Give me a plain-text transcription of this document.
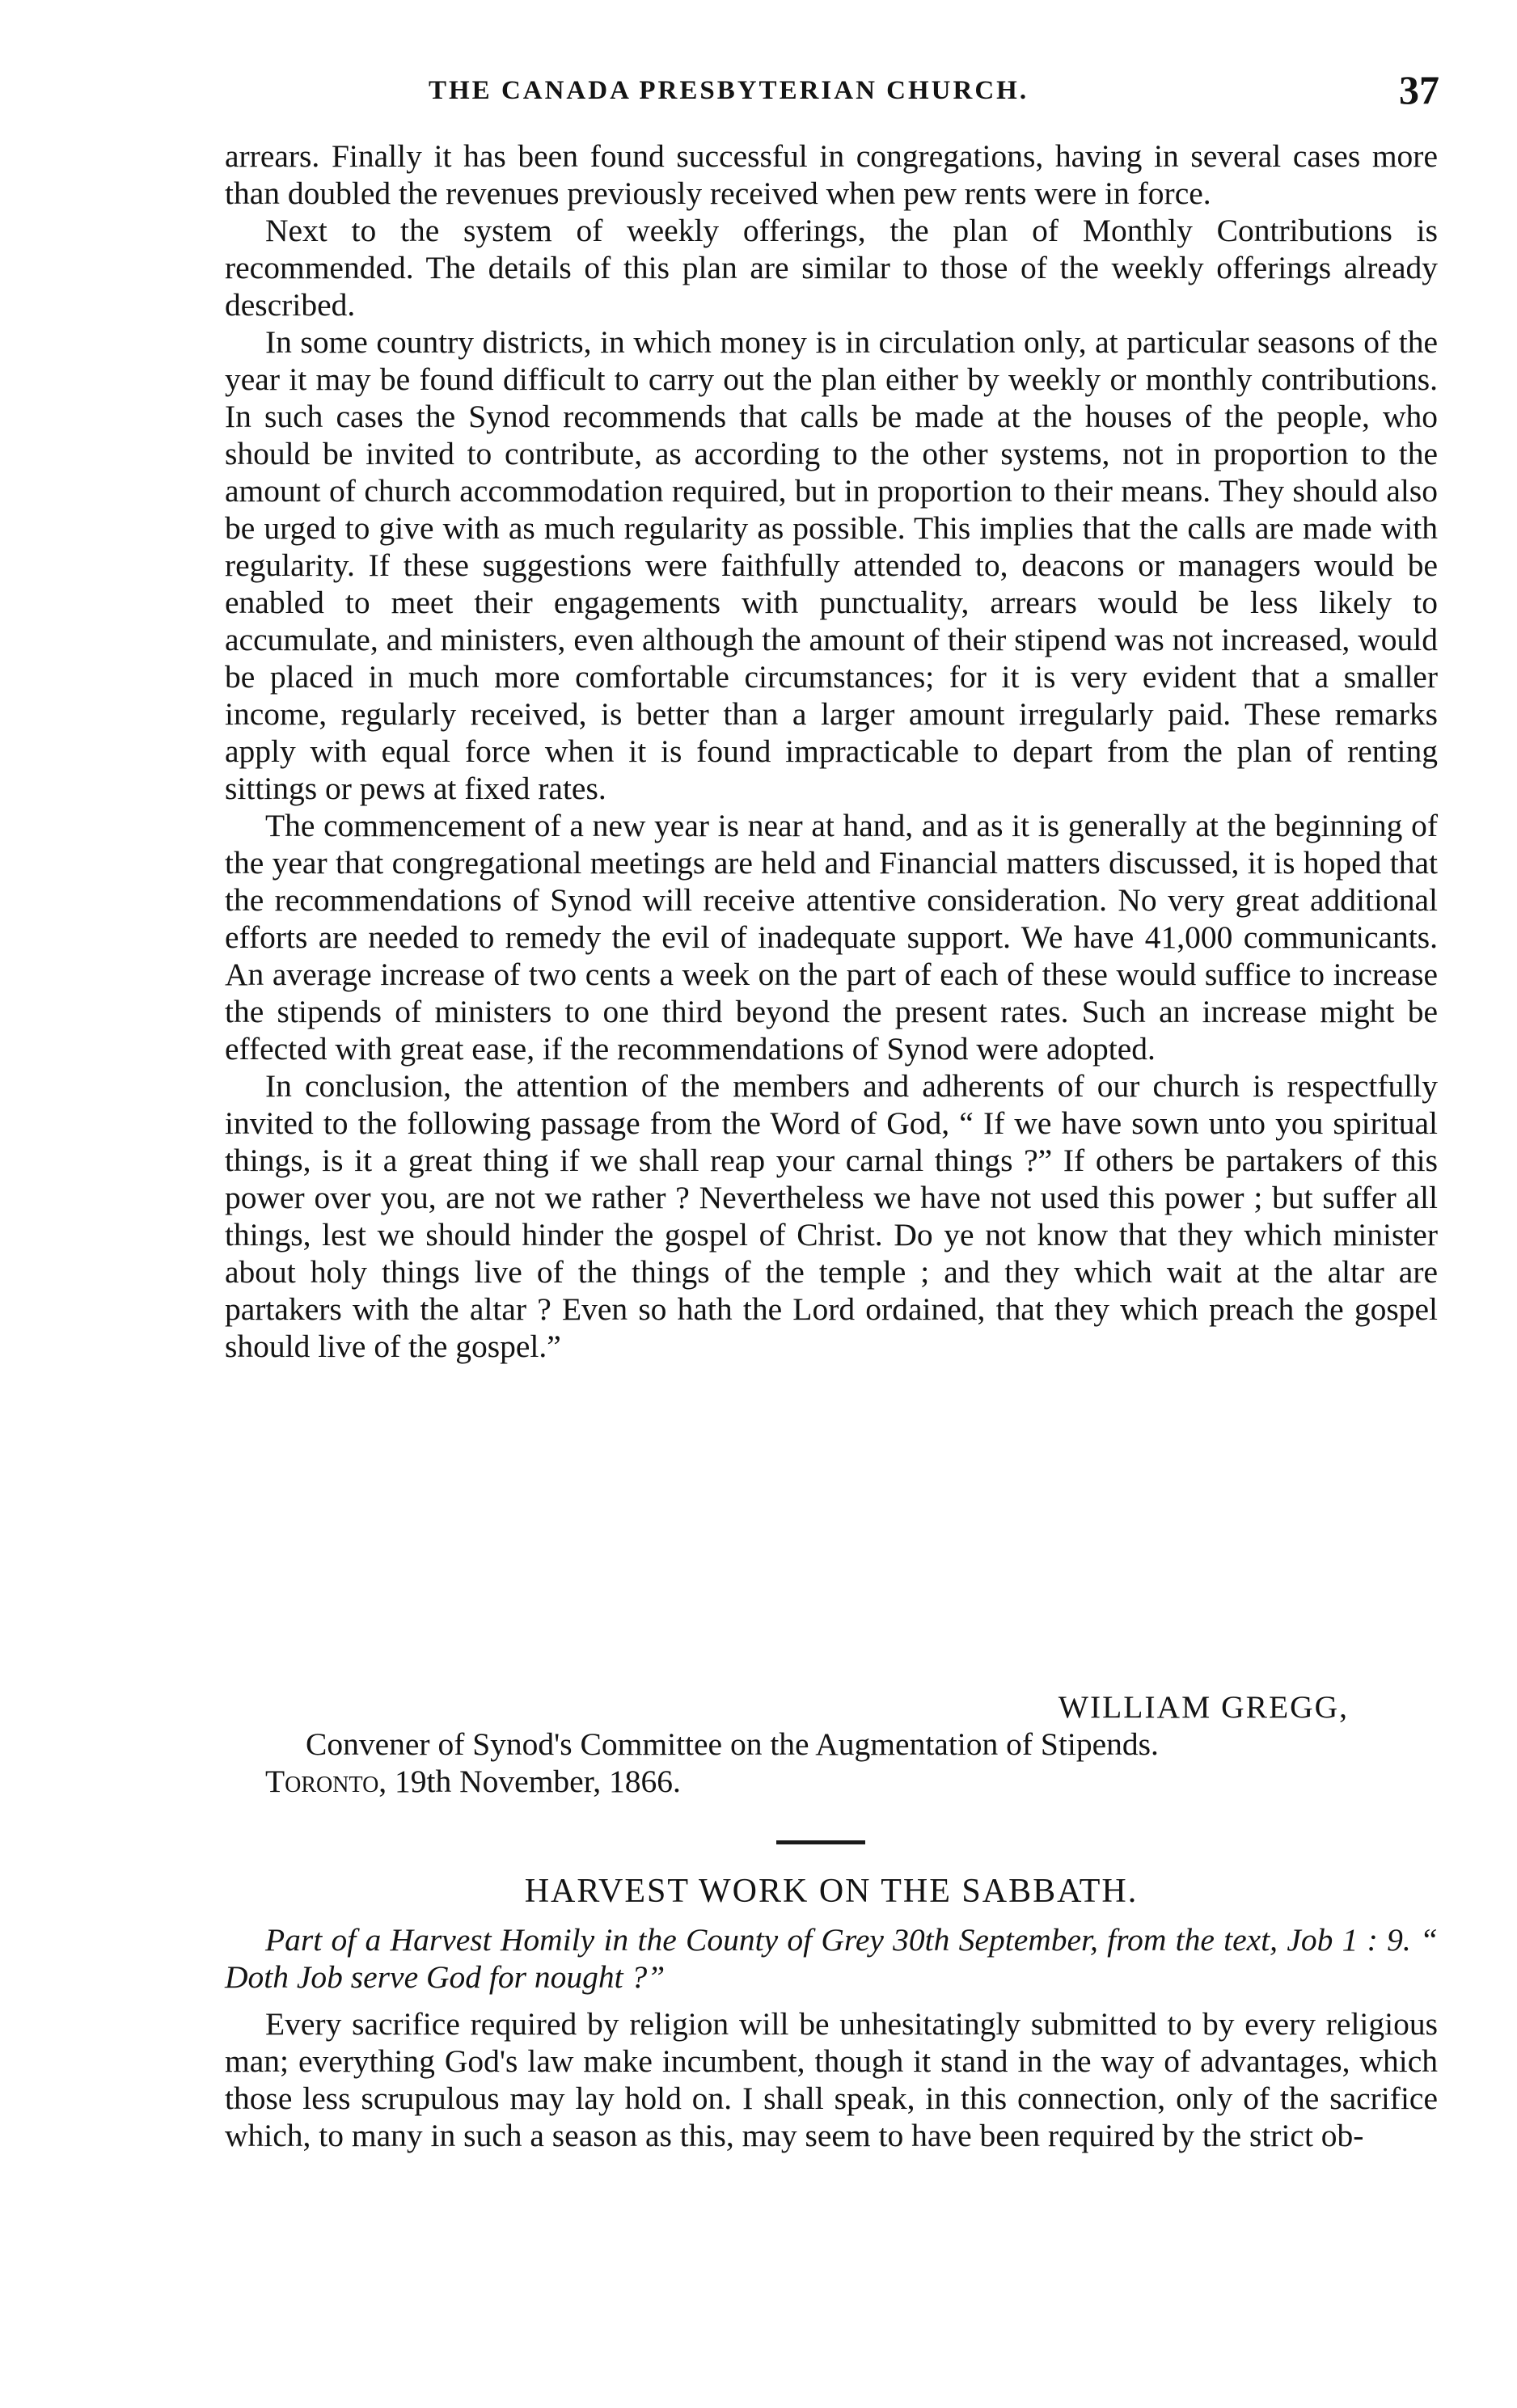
THE CANADA PRESBYTERIAN CHURCH.	37

arrears. Finally it has been found successful in congregations, having in several cases more than doubled the revenues previously received when pew rents were in force.

Next to the system of weekly offerings, the plan of Monthly Contributions is recommended. The details of this plan are similar to those of the weekly offerings already described.

In some country districts, in which money is in circulation only, at particular seasons of the year it may be found difficult to carry out the plan either by weekly or monthly contributions. In such cases the Synod recommends that calls be made at the houses of the people, who should be invited to contribute, as according to the other systems, not in proportion to the amount of church accommodation required, but in proportion to their means. They should also be urged to give with as much regularity as possible. This implies that the calls are made with regularity. If these suggestions were faithfully attended to, deacons or managers would be enabled to meet their engagements with punctuality, arrears would be less likely to accumulate, and ministers, even although the amount of their stipend was not increased, would be placed in much more comfortable circumstances; for it is very evident that a smaller income, regularly received, is better than a larger amount irregularly paid. These remarks apply with equal force when it is found impracticable to depart from the plan of renting sittings or pews at fixed rates.

The commencement of a new year is near at hand, and as it is generally at the beginning of the year that congregational meetings are held and Financial matters discussed, it is hoped that the recommendations of Synod will receive attentive consideration. No very great additional efforts are needed to remedy the evil of inadequate support. We have 41,000 communicants. An average increase of two cents a week on the part of each of these would suffice to increase the stipends of ministers to one third beyond the present rates. Such an increase might be effected with great ease, if the recommendations of Synod were adopted.

In conclusion, the attention of the members and adherents of our church is respectfully invited to the following passage from the Word of God, “ If we have sown unto you spiritual things, is it a great thing if we shall reap your carnal things ?” If others be partakers of this power over you, are not we rather ? Nevertheless we have not used this power ; but suffer all things, lest we should hinder the gospel of Christ. Do ye not know that they which minister about holy things live of the things of the temple ; and they which wait at the altar are partakers with the altar ? Even so hath the Lord ordained, that they which preach the gospel should live of the gospel.”

WILLIAM GREGG,
Convener of Synod's Committee on the Augmentation of Stipends.
Toronto, 19th November, 1866.
HARVEST WORK ON THE SABBATH.
Part of a Harvest Homily in the County of Grey 30th September, from the text, Job 1 : 9. “ Doth Job serve God for nought ?”

Every sacrifice required by religion will be unhesitatingly submitted to by every religious man; everything God's law make incumbent, though it stand in the way of advantages, which those less scrupulous may lay hold on. I shall speak, in this connection, only of the sacrifice which, to many in such a season as this, may seem to have been required by the strict ob-
